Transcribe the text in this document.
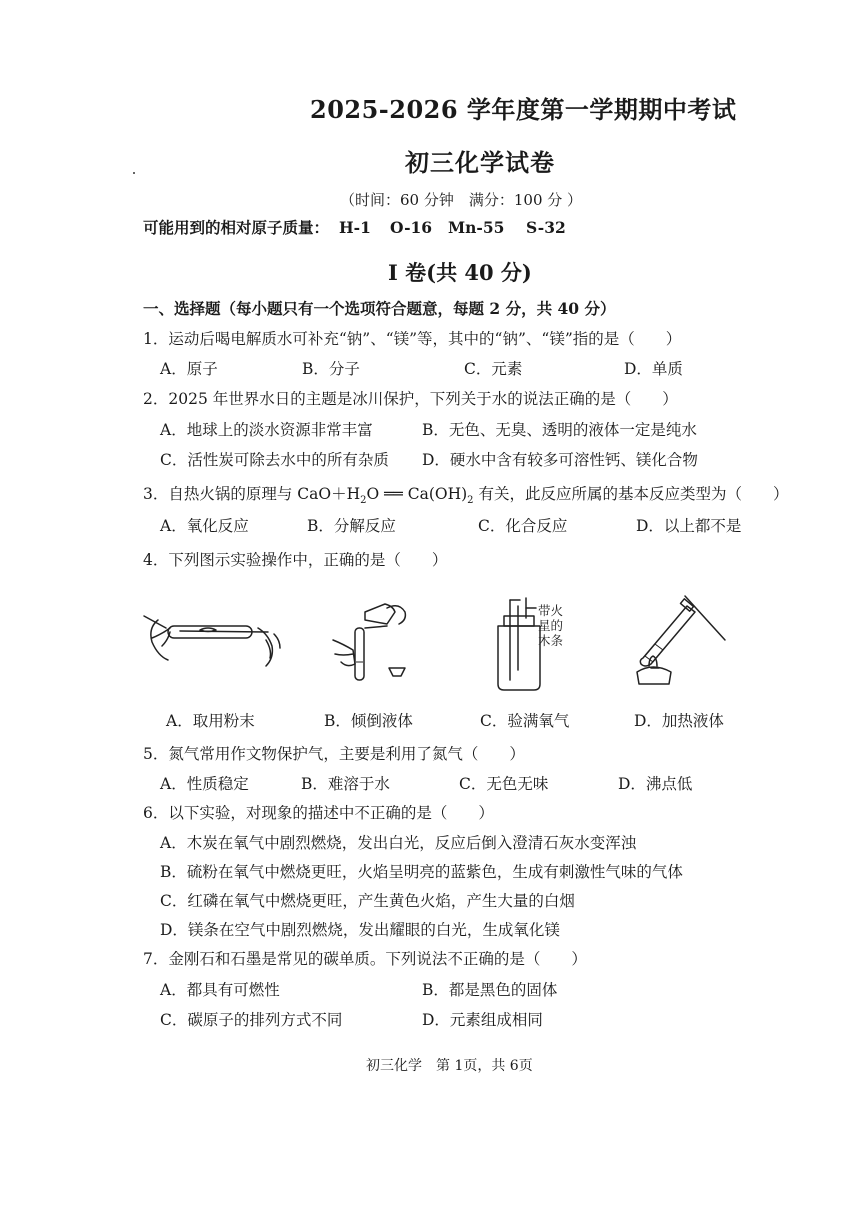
2025-2026 学年度第一学期期中考试
初三化学试卷
（时间：60 分钟　满分：100 分 ）
可能用到的相对原子质量： H-1 O-16 Mn-55 S-32
I 卷(共 40 分)
一、选择题（每小题只有一个选项符合题意，每题 2 分，共 40 分）
1．运动后喝电解质水可补充“钠”、“镁”等，其中的“钠”、“镁”指的是（　　）
A．原子	B．分子	C．元素	D．单质
2．2025 年世界水日的主题是冰川保护，下列关于水的说法正确的是（　　）
A．地球上的淡水资源非常丰富	B．无色、无臭、透明的液体一定是纯水
C．活性炭可除去水中的所有杂质 D．硬水中含有较多可溶性钙、镁化合物
3．自热火锅的原理与 $CaO+H_2O$ ══ $Ca(OH)_2$ 有关，此反应所属的基本反应类型为（　　）
A．氧化反应	B．分解反应	C．化合反应	D．以上都不是
4．下列图示实验操作中，正确的是（　　）
带火
星的
木条
A．取用粉末	B．倾倒液体	C．验满氧气	D．加热液体
5．氮气常用作文物保护气，主要是利用了氮气（　　）
A．性质稳定	B．难溶于水	C．无色无味	D．沸点低
6．以下实验，对现象的描述中不正确的是（　　）
A．木炭在氧气中剧烈燃烧，发出白光，反应后倒入澄清石灰水变浑浊
B．硫粉在氧气中燃烧更旺，火焰呈明亮的蓝紫色，生成有刺激性气味的气体
C．红磷在氧气中燃烧更旺，产生黄色火焰，产生大量的白烟
D．镁条在空气中剧烈燃烧，发出耀眼的白光，生成氧化镁
7．金刚石和石墨是常见的碳单质。下列说法不正确的是（　　）
A．都具有可燃性	B．都是黑色的固体
C．碳原子的排列方式不同	D．元素组成相同
初三化学　第 1页，共 6页
